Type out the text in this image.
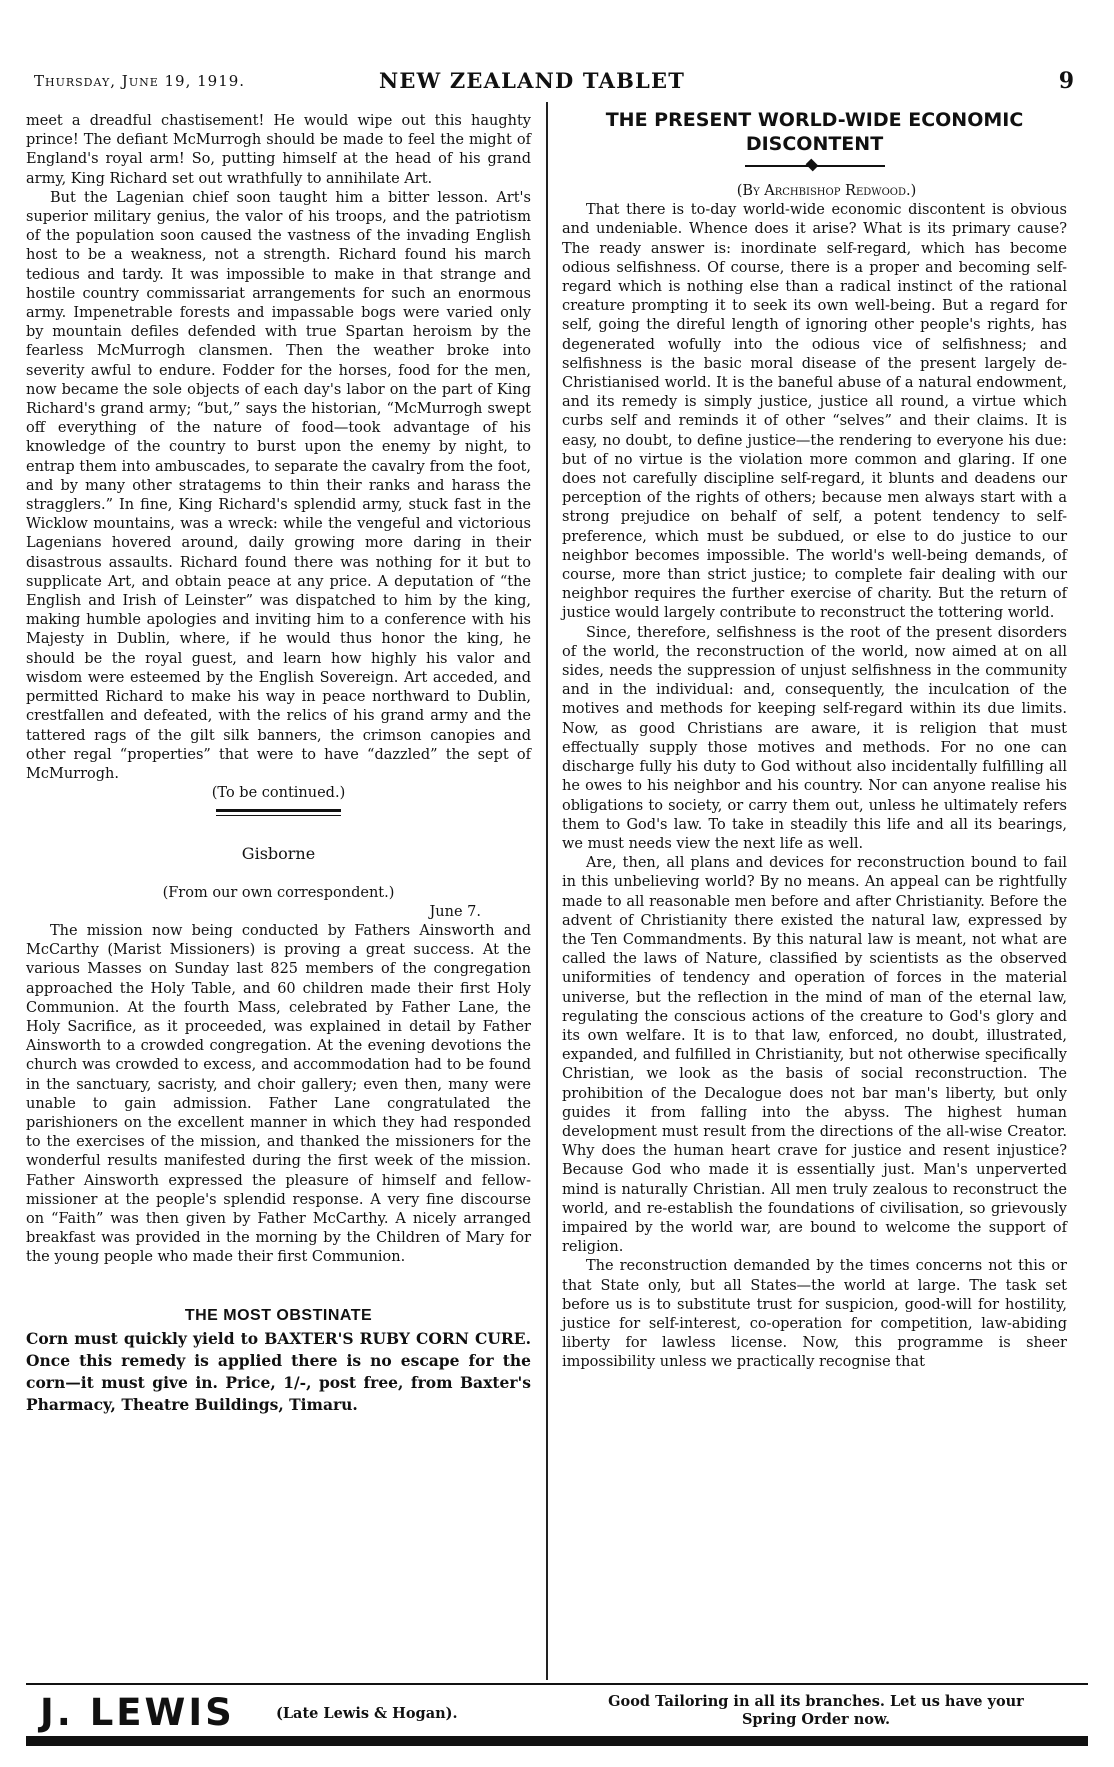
Thursday, June 19, 1919.	NEW ZEALAND TABLET	9

meet a dreadful chastisement! He would wipe out this haughty prince! The defiant McMurrogh should be made to feel the might of England's royal arm! So, putting himself at the head of his grand army, King Richard set out wrathfully to annihilate Art.

But the Lagenian chief soon taught him a bitter lesson. Art's superior military genius, the valor of his troops, and the patriotism of the population soon caused the vastness of the invading English host to be a weakness, not a strength. Richard found his march tedious and tardy. It was impossible to make in that strange and hostile country commissariat arrangements for such an enormous army. Impenetrable forests and impassable bogs were varied only by mountain defiles defended with true Spartan heroism by the fearless McMurrogh clansmen. Then the weather broke into severity awful to endure. Fodder for the horses, food for the men, now became the sole objects of each day's labor on the part of King Richard's grand army; “but,” says the historian, “McMurrogh swept off everything of the nature of food—took advantage of his knowledge of the country to burst upon the enemy by night, to entrap them into ambuscades, to separate the cavalry from the foot, and by many other stratagems to thin their ranks and harass the stragglers.” In fine, King Richard's splendid army, stuck fast in the Wicklow mountains, was a wreck: while the vengeful and victorious Lagenians hovered around, daily growing more daring in their disastrous assaults. Richard found there was nothing for it but to supplicate Art, and obtain peace at any price. A deputation of “the English and Irish of Leinster” was dispatched to him by the king, making humble apologies and inviting him to a conference with his Majesty in Dublin, where, if he would thus honor the king, he should be the royal guest, and learn how highly his valor and wisdom were esteemed by the English Sovereign. Art acceded, and permitted Richard to make his way in peace northward to Dublin, crestfallen and defeated, with the relics of his grand army and the tattered rags of the gilt silk banners, the crimson canopies and other regal “properties” that were to have “dazzled” the sept of McMurrogh.

(To be continued.)

Gisborne

(From our own correspondent.)

June 7.

The mission now being conducted by Fathers Ainsworth and McCarthy (Marist Missioners) is proving a great success. At the various Masses on Sunday last 825 members of the congregation approached the Holy Table, and 60 children made their first Holy Communion. At the fourth Mass, celebrated by Father Lane, the Holy Sacrifice, as it proceeded, was explained in detail by Father Ainsworth to a crowded congregation. At the evening devotions the church was crowded to excess, and accommodation had to be found in the sanctuary, sacristy, and choir gallery; even then, many were unable to gain admission. Father Lane congratulated the parishioners on the excellent manner in which they had responded to the exercises of the mission, and thanked the missioners for the wonderful results manifested during the first week of the mission. Father Ainsworth expressed the pleasure of himself and fellow-missioner at the people's splendid response. A very fine discourse on “Faith” was then given by Father McCarthy. A nicely arranged breakfast was provided in the morning by the Children of Mary for the young people who made their first Communion.

THE MOST OBSTINATE
Corn must quickly yield to BAXTER'S RUBY CORN CURE. Once this remedy is applied there is no escape for the corn—it must give in. Price, 1/-, post free, from Baxter's Pharmacy, Theatre Buildings, Timaru.
THE PRESENT WORLD-WIDE ECONOMIC DISCONTENT

(By Archbishop Redwood.)

That there is to-day world-wide economic discontent is obvious and undeniable. Whence does it arise? What is its primary cause? The ready answer is: inordinate self-regard, which has become odious selfishness. Of course, there is a proper and becoming self-regard which is nothing else than a radical instinct of the rational creature prompting it to seek its own well-being. But a regard for self, going the direful length of ignoring other people's rights, has degenerated wofully into the odious vice of selfishness; and selfishness is the basic moral disease of the present largely de-Christianised world. It is the baneful abuse of a natural endowment, and its remedy is simply justice, justice all round, a virtue which curbs self and reminds it of other “selves” and their claims. It is easy, no doubt, to define justice—the rendering to everyone his due: but of no virtue is the violation more common and glaring. If one does not carefully discipline self-regard, it blunts and deadens our perception of the rights of others; because men always start with a strong prejudice on behalf of self, a potent tendency to self-preference, which must be subdued, or else to do justice to our neighbor becomes impossible. The world's well-being demands, of course, more than strict justice; to complete fair dealing with our neighbor requires the further exercise of charity. But the return of justice would largely contribute to reconstruct the tottering world.

Since, therefore, selfishness is the root of the present disorders of the world, the reconstruction of the world, now aimed at on all sides, needs the suppression of unjust selfishness in the community and in the individual: and, consequently, the inculcation of the motives and methods for keeping self-regard within its due limits. Now, as good Christians are aware, it is religion that must effectually supply those motives and methods. For no one can discharge fully his duty to God without also incidentally fulfilling all he owes to his neighbor and his country. Nor can anyone realise his obligations to society, or carry them out, unless he ultimately refers them to God's law. To take in steadily this life and all its bearings, we must needs view the next life as well.

Are, then, all plans and devices for reconstruction bound to fail in this unbelieving world? By no means. An appeal can be rightfully made to all reasonable men before and after Christianity. Before the advent of Christianity there existed the natural law, expressed by the Ten Commandments. By this natural law is meant, not what are called the laws of Nature, classified by scientists as the observed uniformities of tendency and operation of forces in the material universe, but the reflection in the mind of man of the eternal law, regulating the conscious actions of the creature to God's glory and its own welfare. It is to that law, enforced, no doubt, illustrated, expanded, and fulfilled in Christianity, but not otherwise specifically Christian, we look as the basis of social reconstruction. The prohibition of the Decalogue does not bar man's liberty, but only guides it from falling into the abyss. The highest human development must result from the directions of the all-wise Creator. Why does the human heart crave for justice and resent injustice? Because God who made it is essentially just. Man's unperverted mind is naturally Christian. All men truly zealous to reconstruct the world, and re-establish the foundations of civilisation, so grievously impaired by the world war, are bound to welcome the support of religion.

The reconstruction demanded by the times concerns not this or that State only, but all States—the world at large. The task set before us is to substitute trust for suspicion, good-will for hostility, justice for self-interest, co-operation for competition, law-abiding liberty for lawless license. Now, this programme is sheer impossibility unless we practically recognise that

J. LEWIS	(Late Lewis & Hogan).
Good Tailoring in all its branches. Let us have your
Spring Order now.
